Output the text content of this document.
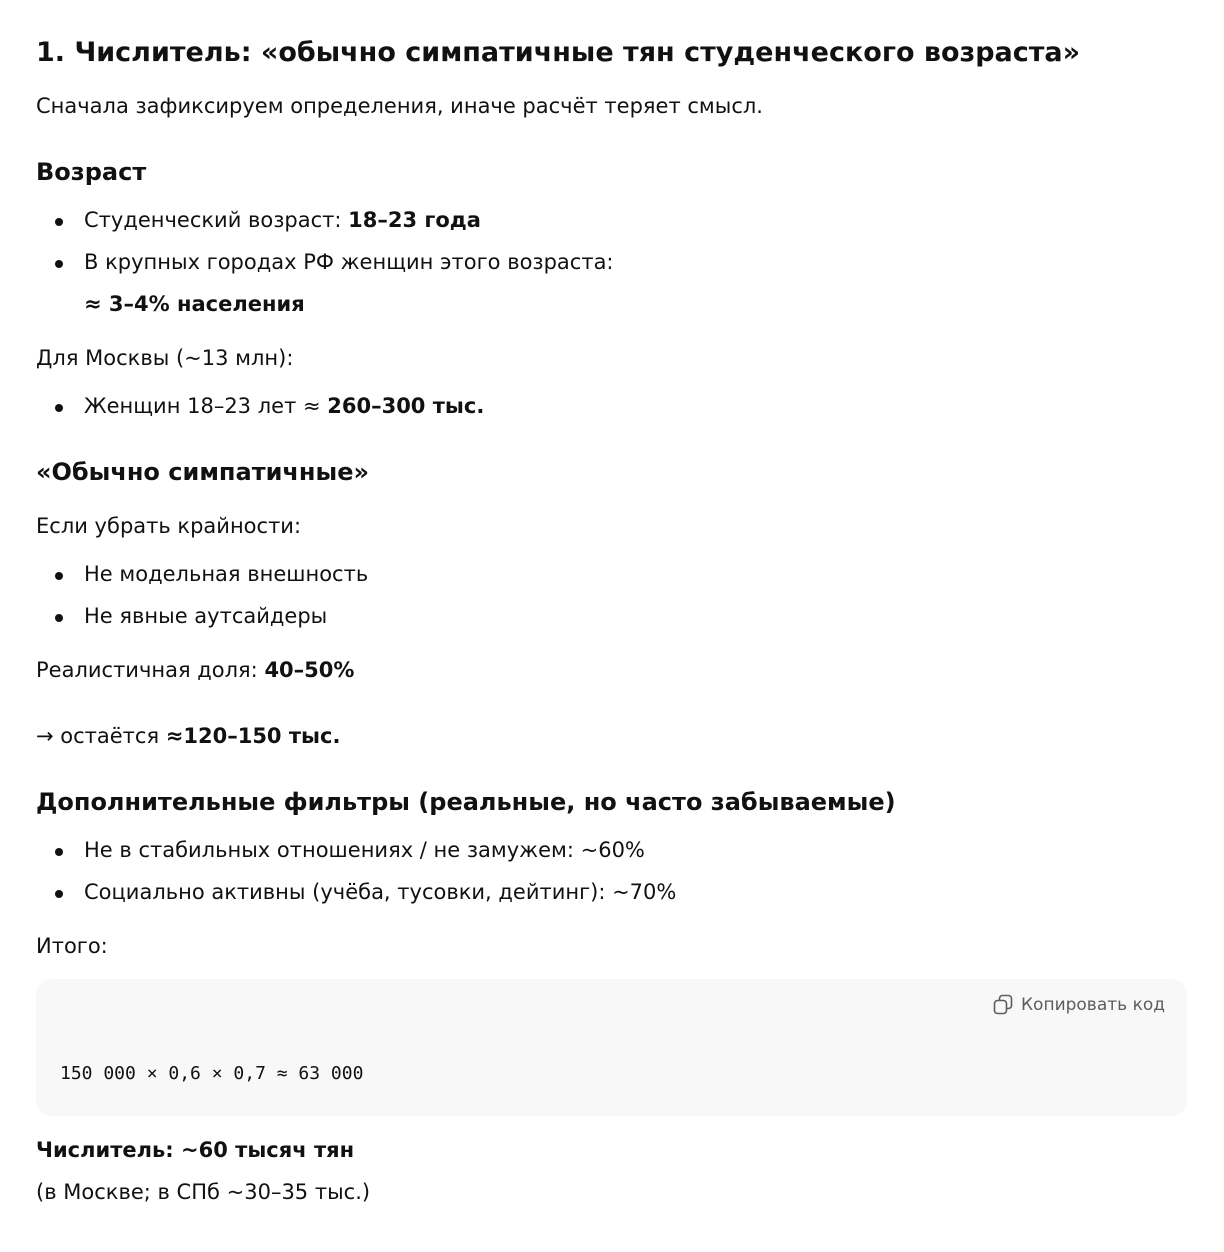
1. Числитель: «обычно симпатичные тян студенческого возраста»

Сначала зафиксируем определения, иначе расчёт теряет смысл.

Возраст

Студенческий возраст: 18–23 года

В крупных городах РФ женщин этого возраста:

≈ 3–4% населения

Для Москвы (~13 млн):

Женщин 18–23 лет ≈ 260–300 тыс.

«Обычно симпатичные»

Если убрать крайности:

Не модельная внешность

Не явные аутсайдеры

Реалистичная доля: 40–50%

→ остаётся ≈120–150 тыс.

Дополнительные фильтры (реальные, но часто забываемые)

Не в стабильных отношениях / не замужем: ~60%

Социально активны (учёба, тусовки, дейтинг): ~70%

Итого:

Копировать код
150 000 × 0,6 × 0,7 ≈ 63 000

Числитель: ~60 тысяч тян

(в Москве; в СПб ~30–35 тыс.)
